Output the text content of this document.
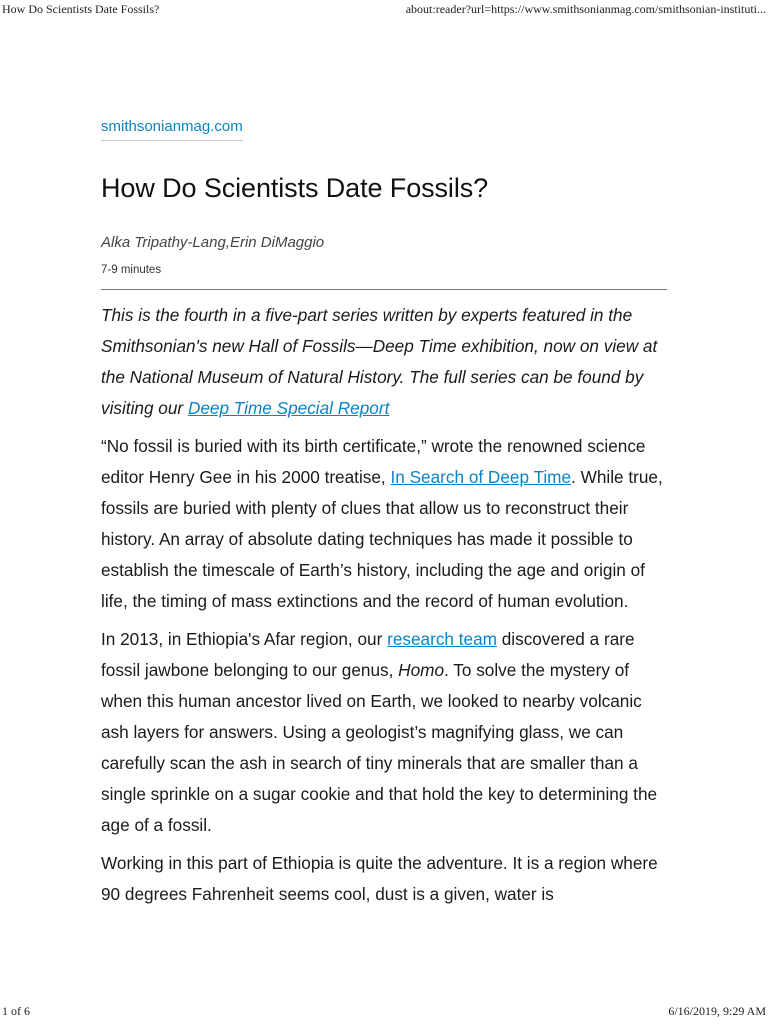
How Do Scientists Date Fossils?	about:reader?url=https://www.smithsonianmag.com/smithsonian-instituti...
smithsonianmag.com
How Do Scientists Date Fossils?
Alka Tripathy-Lang,Erin DiMaggio
7-9 minutes

This is the fourth in a five-part series written by experts featured in the Smithsonian's new Hall of Fossils—Deep Time exhibition, now on view at the National Museum of Natural History. The full series can be found by visiting our Deep Time Special Report

“No fossil is buried with its birth certificate,” wrote the renowned science editor Henry Gee in his 2000 treatise, In Search of Deep Time. While true, fossils are buried with plenty of clues that allow us to reconstruct their history. An array of absolute dating techniques has made it possible to establish the timescale of Earth’s history, including the age and origin of life, the timing of mass extinctions and the record of human evolution.

In 2013, in Ethiopia's Afar region, our research team discovered a rare fossil jawbone belonging to our genus, Homo. To solve the mystery of when this human ancestor lived on Earth, we looked to nearby volcanic ash layers for answers. Using a geologist’s magnifying glass, we can carefully scan the ash in search of tiny minerals that are smaller than a single sprinkle on a sugar cookie and that hold the key to determining the age of a fossil.

Working in this part of Ethiopia is quite the adventure. It is a region where 90 degrees Fahrenheit seems cool, dust is a given, water is

1 of 6	6/16/2019, 9:29 AM
